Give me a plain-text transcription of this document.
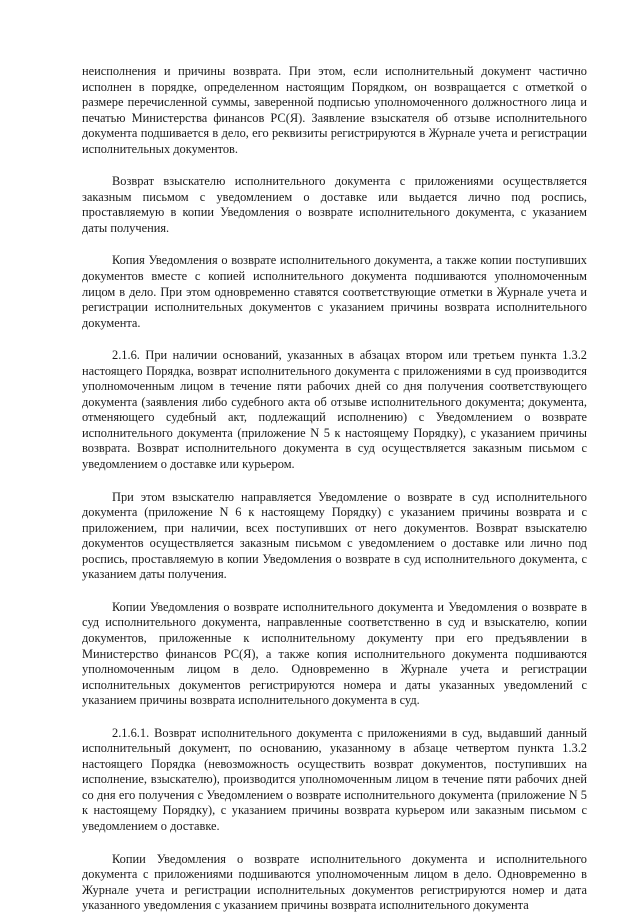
неисполнения и причины возврата. При этом, если исполнительный документ частично исполнен в порядке, определенном настоящим Порядком, он возвращается с отметкой о размере перечисленной суммы, заверенной подписью уполномоченного должностного лица и печатью Министерства финансов РС(Я). Заявление взыскателя об отзыве исполнительного документа подшивается в дело, его реквизиты регистрируются в Журнале учета и регистрации исполнительных документов.

Возврат взыскателю исполнительного документа с приложениями осуществляется заказным письмом с уведомлением о доставке или выдается лично под роспись, проставляемую в копии Уведомления о возврате исполнительного документа, с указанием даты получения.

Копия Уведомления о возврате исполнительного документа, а также копии поступивших документов вместе с копией исполнительного документа подшиваются уполномоченным лицом в дело. При этом одновременно ставятся соответствующие отметки в Журнале учета и регистрации исполнительных документов с указанием причины возврата исполнительного документа.

2.1.6. При наличии оснований, указанных в абзацах втором или третьем пункта 1.3.2 настоящего Порядка, возврат исполнительного документа с приложениями в суд производится уполномоченным лицом в течение пяти рабочих дней со дня получения соответствующего документа (заявления либо судебного акта об отзыве исполнительного документа; документа, отменяющего судебный акт, подлежащий исполнению) с Уведомлением о возврате исполнительного документа (приложение N 5 к настоящему Порядку), с указанием причины возврата. Возврат исполнительного документа в суд осуществляется заказным письмом с уведомлением о доставке или курьером.

При этом взыскателю направляется Уведомление о возврате в суд исполнительного документа (приложение N 6 к настоящему Порядку) с указанием причины возврата и с приложением, при наличии, всех поступивших от него документов. Возврат взыскателю документов осуществляется заказным письмом с уведомлением о доставке или лично под роспись, проставляемую в копии Уведомления о возврате в суд исполнительного документа, с указанием даты получения.

Копии Уведомления о возврате исполнительного документа и Уведомления о возврате в суд исполнительного документа, направленные соответственно в суд и взыскателю, копии документов, приложенные к исполнительному документу при его предъявлении в Министерство финансов РС(Я), а также копия исполнительного документа подшиваются уполномоченным лицом в дело. Одновременно в Журнале учета и регистрации исполнительных документов регистрируются номера и даты указанных уведомлений с указанием причины возврата исполнительного документа в суд.

2.1.6.1. Возврат исполнительного документа с приложениями в суд, выдавший данный исполнительный документ, по основанию, указанному в абзаце четвертом пункта 1.3.2 настоящего Порядка (невозможность осуществить возврат документов, поступивших на исполнение, взыскателю), производится уполномоченным лицом в течение пяти рабочих дней со дня его получения с Уведомлением о возврате исполнительного документа (приложение N 5 к настоящему Порядку), с указанием причины возврата курьером или заказным письмом с уведомлением о доставке.

Копии Уведомления о возврате исполнительного документа и исполнительного документа с приложениями подшиваются уполномоченным лицом в дело. Одновременно в Журнале учета и регистрации исполнительных документов регистрируются номер и дата указанного уведомления с указанием причины возврата исполнительного документа
